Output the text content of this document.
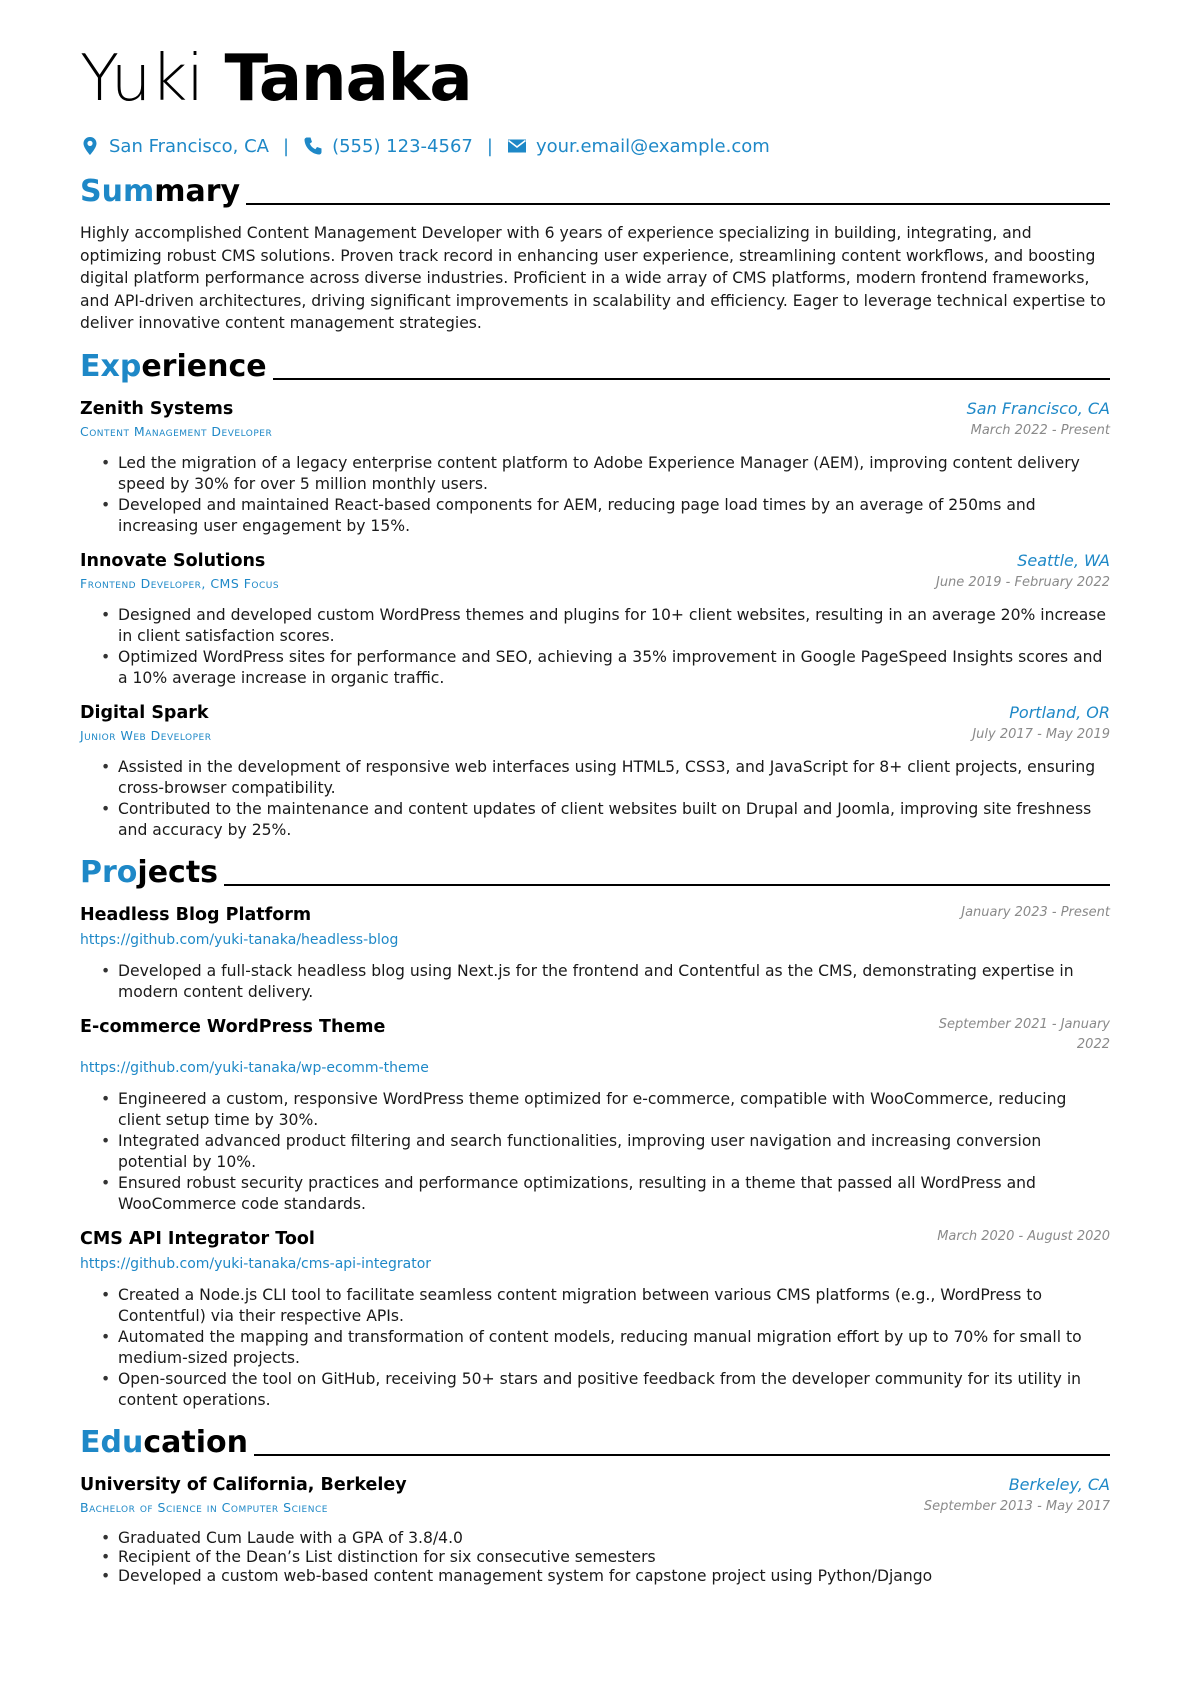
Yuki Tanaka
San Francisco, CA | (555) 123-4567 | your.email@example.com
Summary
Highly accomplished Content Management Developer with 6 years of experience specializing in building, integrating, and optimizing robust CMS solutions. Proven track record in enhancing user experience, streamlining content workflows, and boosting digital platform performance across diverse industries. Proficient in a wide array of CMS platforms, modern frontend frameworks, and API-driven architectures, driving significant improvements in scalability and efficiency. Eager to leverage technical expertise to deliver innovative content management strategies.
Experience
Zenith Systems
Content Management Developer
San Francisco, CA
March 2022 - Present
• Led the migration of a legacy enterprise content platform to Adobe Experience Manager (AEM), improving content delivery speed by 30% for over 5 million monthly users.
• Developed and maintained React-based components for AEM, reducing page load times by an average of 250ms and increasing user engagement by 15%.
Innovate Solutions
Frontend Developer, CMS Focus
Seattle, WA
June 2019 - February 2022
• Designed and developed custom WordPress themes and plugins for 10+ client websites, resulting in an average 20% increase in client satisfaction scores.
• Optimized WordPress sites for performance and SEO, achieving a 35% improvement in Google PageSpeed Insights scores and a 10% average increase in organic traffic.
Digital Spark
Junior Web Developer
Portland, OR
July 2017 - May 2019
• Assisted in the development of responsive web interfaces using HTML5, CSS3, and JavaScript for 8+ client projects, ensuring cross-browser compatibility.
• Contributed to the maintenance and content updates of client websites built on Drupal and Joomla, improving site freshness and accuracy by 25%.
Projects
Headless Blog Platform
https://github.com/yuki-tanaka/headless-blog
January 2023 - Present
• Developed a full-stack headless blog using Next.js for the frontend and Contentful as the CMS, demonstrating expertise in modern content delivery.
E-commerce WordPress Theme	September 2021 - January 2022
https://github.com/yuki-tanaka/wp-ecomm-theme
• Engineered a custom, responsive WordPress theme optimized for e-commerce, compatible with WooCommerce, reducing client setup time by 30%.
• Integrated advanced product filtering and search functionalities, improving user navigation and increasing conversion potential by 10%.
• Ensured robust security practices and performance optimizations, resulting in a theme that passed all WordPress and WooCommerce code standards.
CMS API Integrator Tool
https://github.com/yuki-tanaka/cms-api-integrator
March 2020 - August 2020
• Created a Node.js CLI tool to facilitate seamless content migration between various CMS platforms (e.g., WordPress to Contentful) via their respective APIs.
• Automated the mapping and transformation of content models, reducing manual migration effort by up to 70% for small to medium-sized projects.
• Open-sourced the tool on GitHub, receiving 50+ stars and positive feedback from the developer community for its utility in content operations.
Education
University of California, Berkeley
Bachelor of Science in Computer Science
Berkeley, CA
September 2013 - May 2017
• Graduated Cum Laude with a GPA of 3.8/4.0
• Recipient of the Dean’s List distinction for six consecutive semesters
• Developed a custom web-based content management system for capstone project using Python/Django
